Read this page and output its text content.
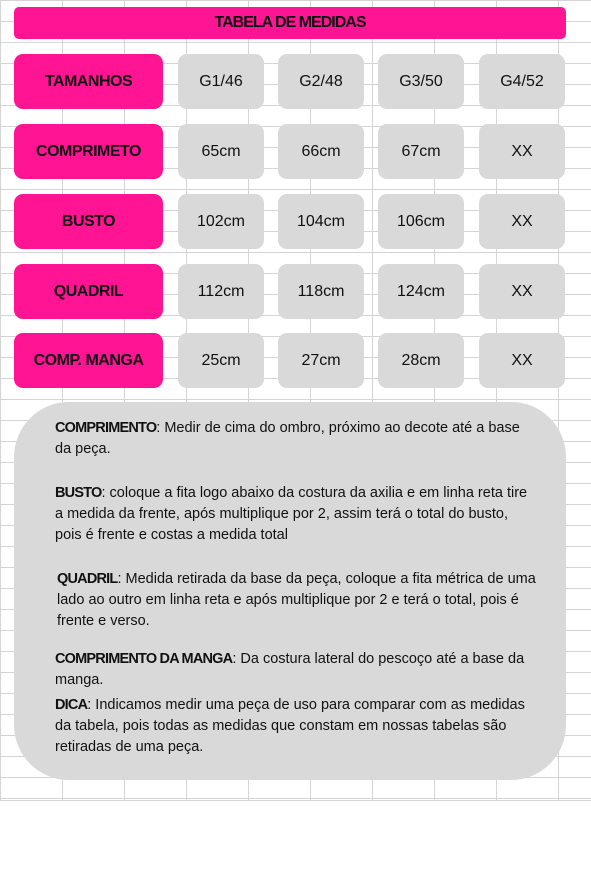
TABELA DE MEDIDAS
TAMANHOS	G1/46	G2/48	G3/50	G4/52
COMPRIMETO	65cm	66cm	67cm	XX
BUSTO	102cm	104cm	106cm	XX
QUADRIL	112cm	118cm	124cm	XX
COMP. MANGA	25cm	27cm	28cm	XX
COMPRIMENTO: Medir de cima do ombro, próximo ao decote até a base da peça.
BUSTO: coloque a fita logo abaixo da costura da axilia e em linha reta tire a medida da frente, após multiplique por 2, assim terá o total do busto, pois é frente e costas a medida total
QUADRIL: Medida retirada da base da peça, coloque a fita métrica de uma lado ao outro em linha reta e após multiplique por 2 e terá o total, pois é frente e verso.
COMPRIMENTO DA MANGA: Da costura lateral do pescoço até a base da manga.
DICA: Indicamos medir uma peça de uso para comparar com as medidas da tabela, pois todas as medidas que constam em nossas tabelas são retiradas de uma peça.
